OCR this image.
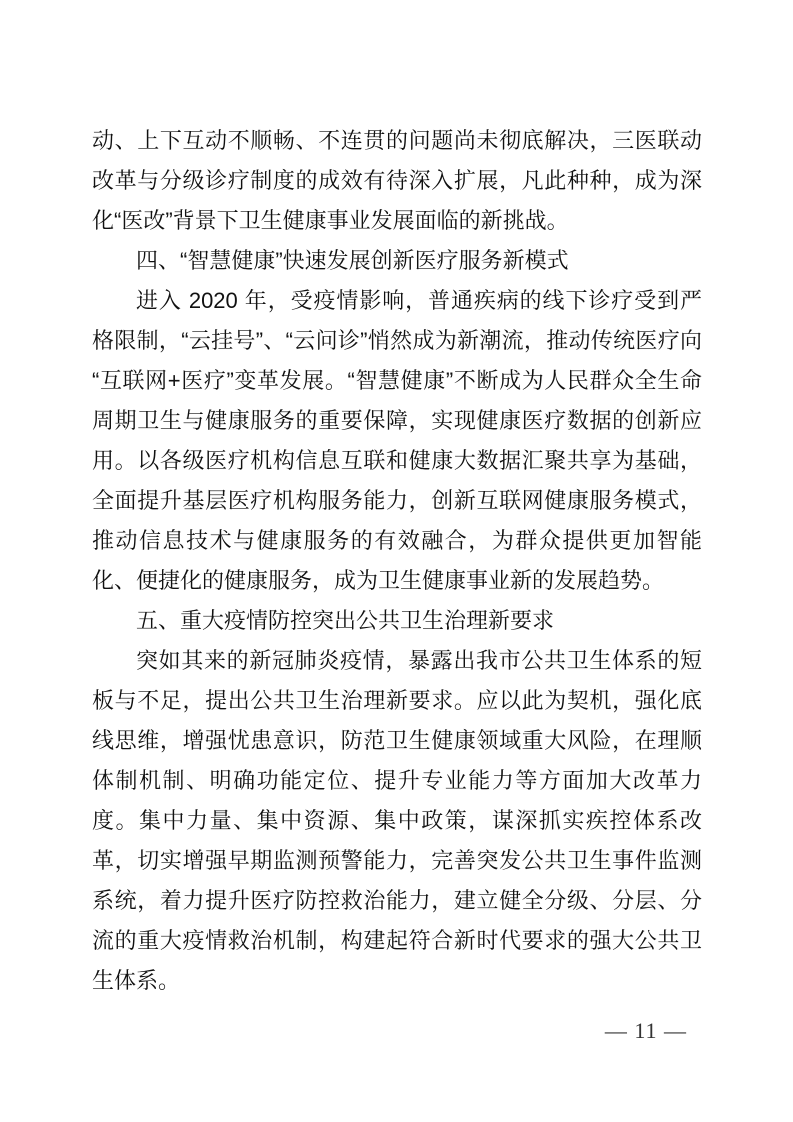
动、上下互动不顺畅、不连贯的问题尚未彻底解决，三医联动改革与分级诊疗制度的成效有待深入扩展，凡此种种，成为深化“医改”背景下卫生健康事业发展面临的新挑战。

四、“智慧健康”快速发展创新医疗服务新模式

进入 2020 年，受疫情影响，普通疾病的线下诊疗受到严格限制，“云挂号”、“云问诊”悄然成为新潮流，推动传统医疗向“互联网+医疗”变革发展。“智慧健康”不断成为人民群众全生命周期卫生与健康服务的重要保障，实现健康医疗数据的创新应用。以各级医疗机构信息互联和健康大数据汇聚共享为基础，全面提升基层医疗机构服务能力，创新互联网健康服务模式，推动信息技术与健康服务的有效融合，为群众提供更加智能化、便捷化的健康服务，成为卫生健康事业新的发展趋势。

五、重大疫情防控突出公共卫生治理新要求

突如其来的新冠肺炎疫情，暴露出我市公共卫生体系的短板与不足，提出公共卫生治理新要求。应以此为契机，强化底线思维，增强忧患意识，防范卫生健康领域重大风险，在理顺体制机制、明确功能定位、提升专业能力等方面加大改革力度。集中力量、集中资源、集中政策，谋深抓实疾控体系改革，切实增强早期监测预警能力，完善突发公共卫生事件监测系统，着力提升医疗防控救治能力，建立健全分级、分层、分流的重大疫情救治机制，构建起符合新时代要求的强大公共卫生体系。

— 11 —
